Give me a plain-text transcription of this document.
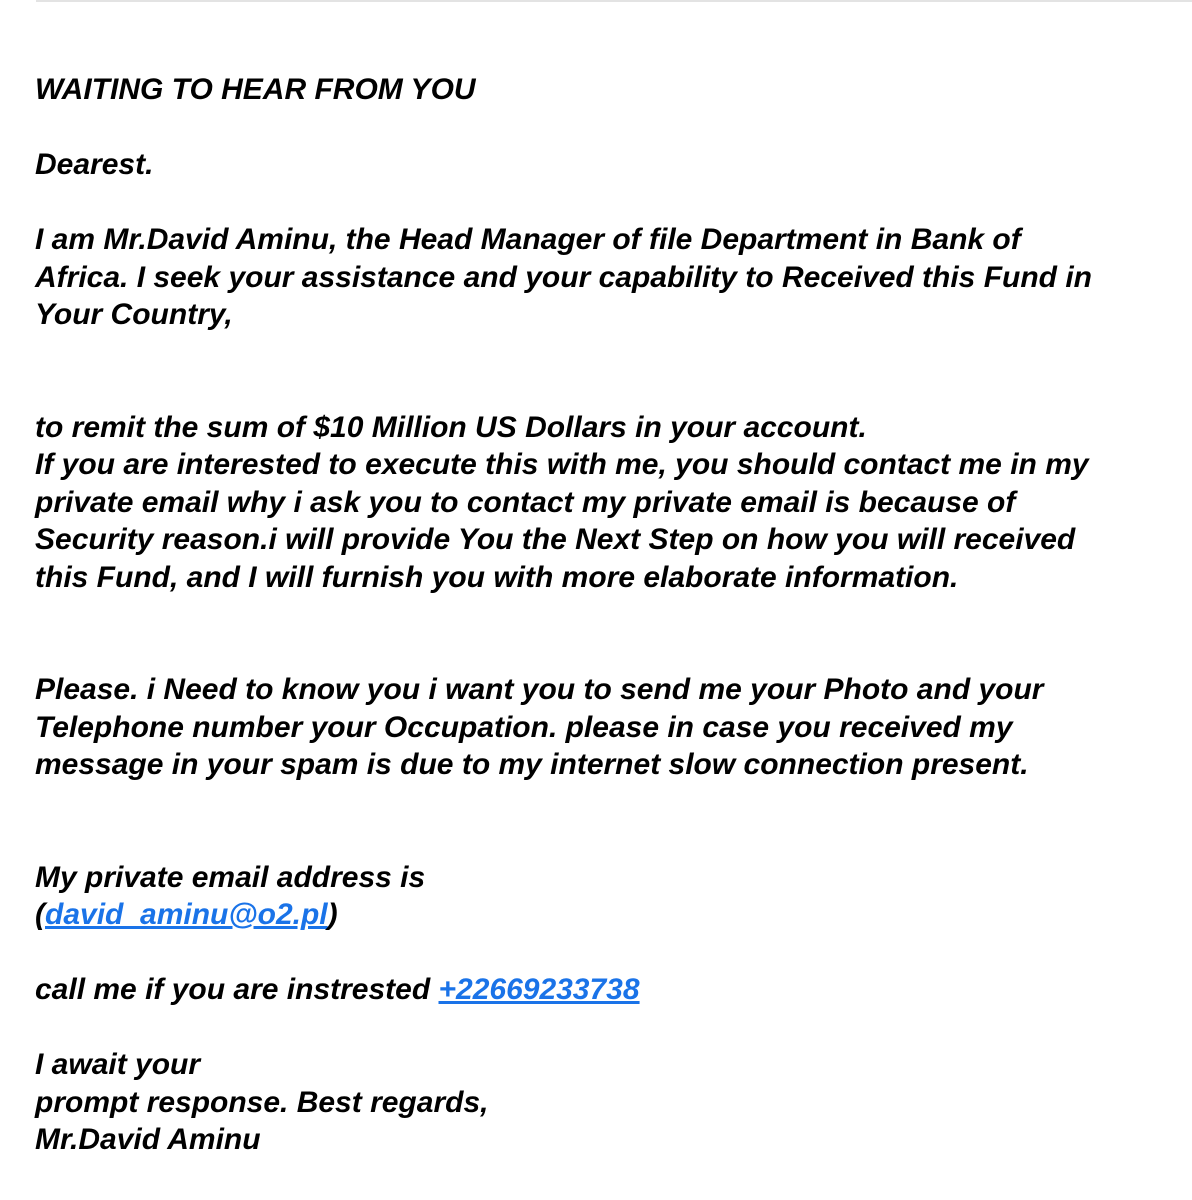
WAITING TO HEAR FROM YOU
Dearest.
I am Mr.David Aminu, the Head Manager of file Department in Bank of
Africa. I seek your assistance and your capability to Received this Fund in
Your Country,
to remit the sum of $10 Million US Dollars in your account.
If you are interested to execute this with me, you should contact me in my
private email why i ask you to contact my private email is because of
Security reason.i will provide You the Next Step on how you will received
this Fund, and I will furnish you with more elaborate information.
Please. i Need to know you i want you to send me your Photo and your
Telephone number your Occupation. please in case you received my
message in your spam is due to my internet slow connection present.
My private email address is
(david_aminu@o2.pl)
call me if you are instrested +22669233738
I await your
prompt response. Best regards,
Mr.David Aminu
